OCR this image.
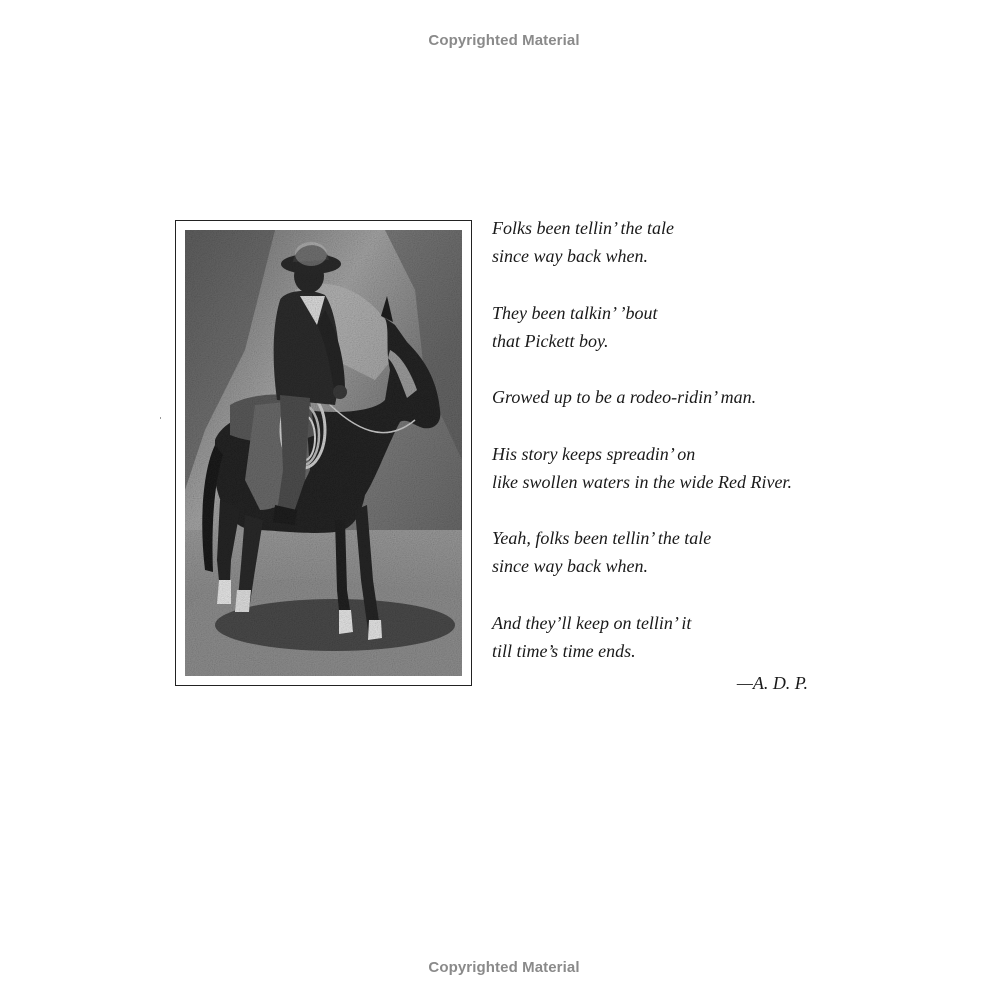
Copyrighted Material
Folks been tellin’ the tale
since way back when.
They been talkin’ ’bout
that Pickett boy.
Growed up to be a rodeo-ridin’ man.
His story keeps spreadin’ on
like swollen waters in the wide Red River.
Yeah, folks been tellin’ the tale
since way back when.
And they’ll keep on tellin’ it
till time’s time ends.
—A. D. P.
Copyrighted Material
